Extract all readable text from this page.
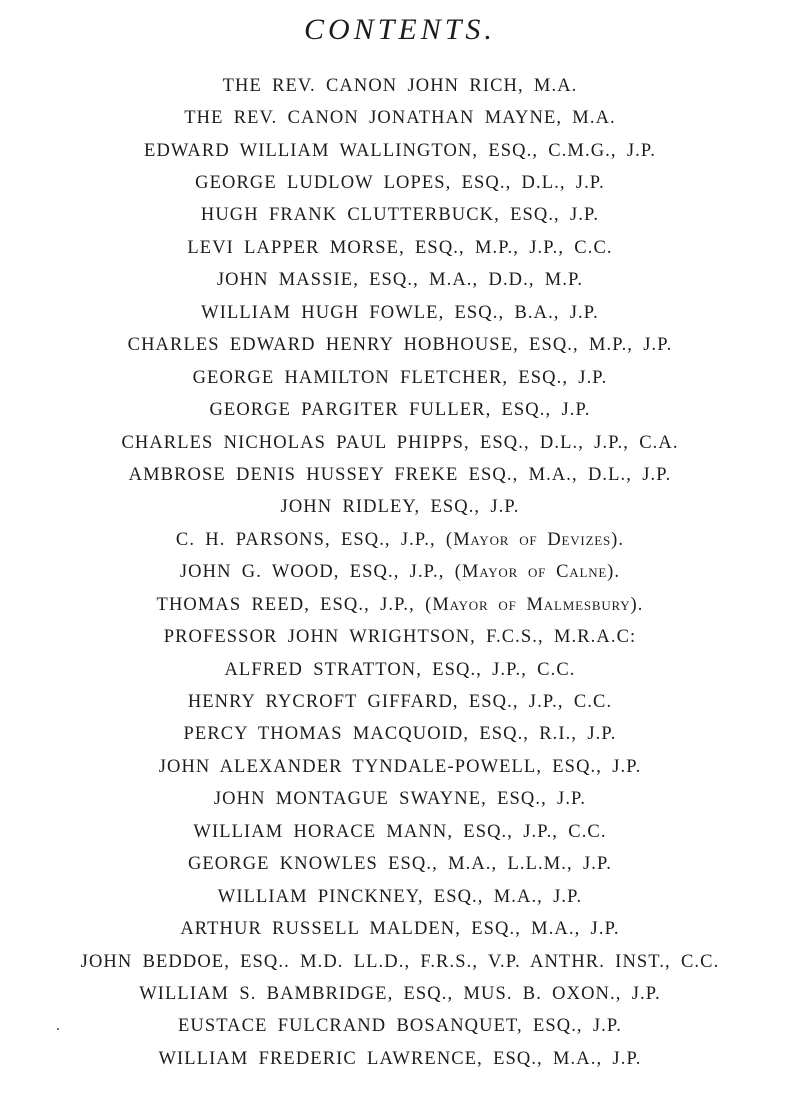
CONTENTS.
THE REV. CANON JOHN RICH, M.A.
THE REV. CANON JONATHAN MAYNE, M.A.
EDWARD WILLIAM WALLINGTON, ESQ., C.M.G., J.P.
GEORGE LUDLOW LOPES, ESQ., D.L., J.P.
HUGH FRANK CLUTTERBUCK, ESQ., J.P.
LEVI LAPPER MORSE, ESQ., M.P., J.P., C.C.
JOHN MASSIE, ESQ., M.A., D.D., M.P.
WILLIAM HUGH FOWLE, ESQ., B.A., J.P.
CHARLES EDWARD HENRY HOBHOUSE, ESQ., M.P., J.P.
GEORGE HAMILTON FLETCHER, ESQ., J.P.
GEORGE PARGITER FULLER, ESQ., J.P.
CHARLES NICHOLAS PAUL PHIPPS, ESQ., D.L., J.P., C.A.
AMBROSE DENIS HUSSEY FREKE ESQ., M.A., D.L., J.P.
JOHN RIDLEY, ESQ., J.P.
C. H. PARSONS, ESQ., J.P., ( Mayor of Devizes ).
JOHN G. WOOD, ESQ., J.P., ( Mayor of Calne ).
THOMAS REED, ESQ., J.P., ( Mayor of Malmesbury ).
PROFESSOR JOHN WRIGHTSON, F.C.S., M.R.A.C:
ALFRED STRATTON, ESQ., J.P., C.C.
HENRY RYCROFT GIFFARD, ESQ., J.P., C.C.
PERCY THOMAS MACQUOID, ESQ., R.I., J.P.
JOHN ALEXANDER TYNDALE-POWELL, ESQ., J.P.
JOHN MONTAGUE SWAYNE, ESQ., J.P.
WILLIAM HORACE MANN, ESQ., J.P., C.C.
GEORGE KNOWLES ESQ., M.A., L.L.M., J.P.
WILLIAM PINCKNEY, ESQ., M.A., J.P.
ARTHUR RUSSELL MALDEN, ESQ., M.A., J.P.
JOHN BEDDOE, ESQ.. M.D. LL.D., F.R.S., V.P. ANTHR. INST., C.C.
WILLIAM S. BAMBRIDGE, ESQ., MUS. B. OXON., J.P.
EUSTACE FULCRAND BOSANQUET, ESQ., J.P.
WILLIAM FREDERIC LAWRENCE, ESQ., M.A., J.P.
.
